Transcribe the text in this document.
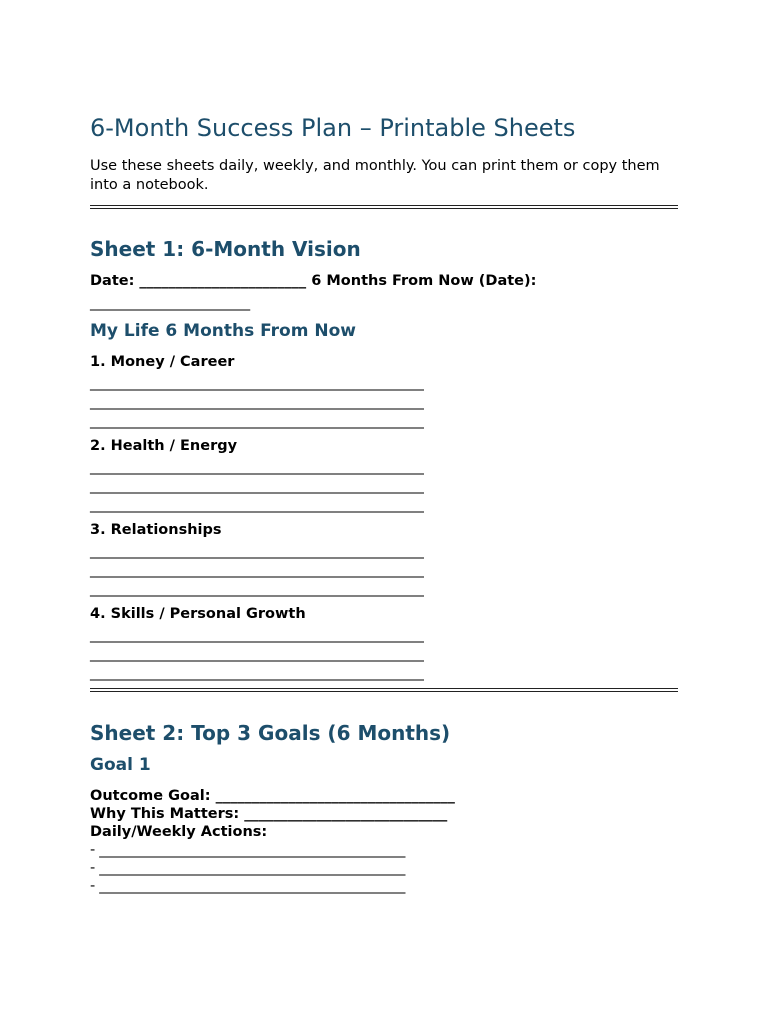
6-Month Success Plan – Printable Sheets

Use these sheets daily, weekly, and monthly. You can print them or copy them into a notebook.

Sheet 1: 6-Month Vision
Date: _______________________ 6 Months From Now (Date):
_______________________
My Life 6 Months From Now
1. Money / Career
________________________________________________
________________________________________________
________________________________________________
2. Health / Energy
________________________________________________
________________________________________________
________________________________________________
3. Relationships
________________________________________________
________________________________________________
________________________________________________
4. Skills / Personal Growth
________________________________________________
________________________________________________
________________________________________________
Sheet 2: Top 3 Goals (6 Months)
Goal 1
Outcome Goal: _________________________________
Why This Matters: ____________________________
Daily/Weekly Actions:
- ____________________________________________
- ____________________________________________
- ____________________________________________
